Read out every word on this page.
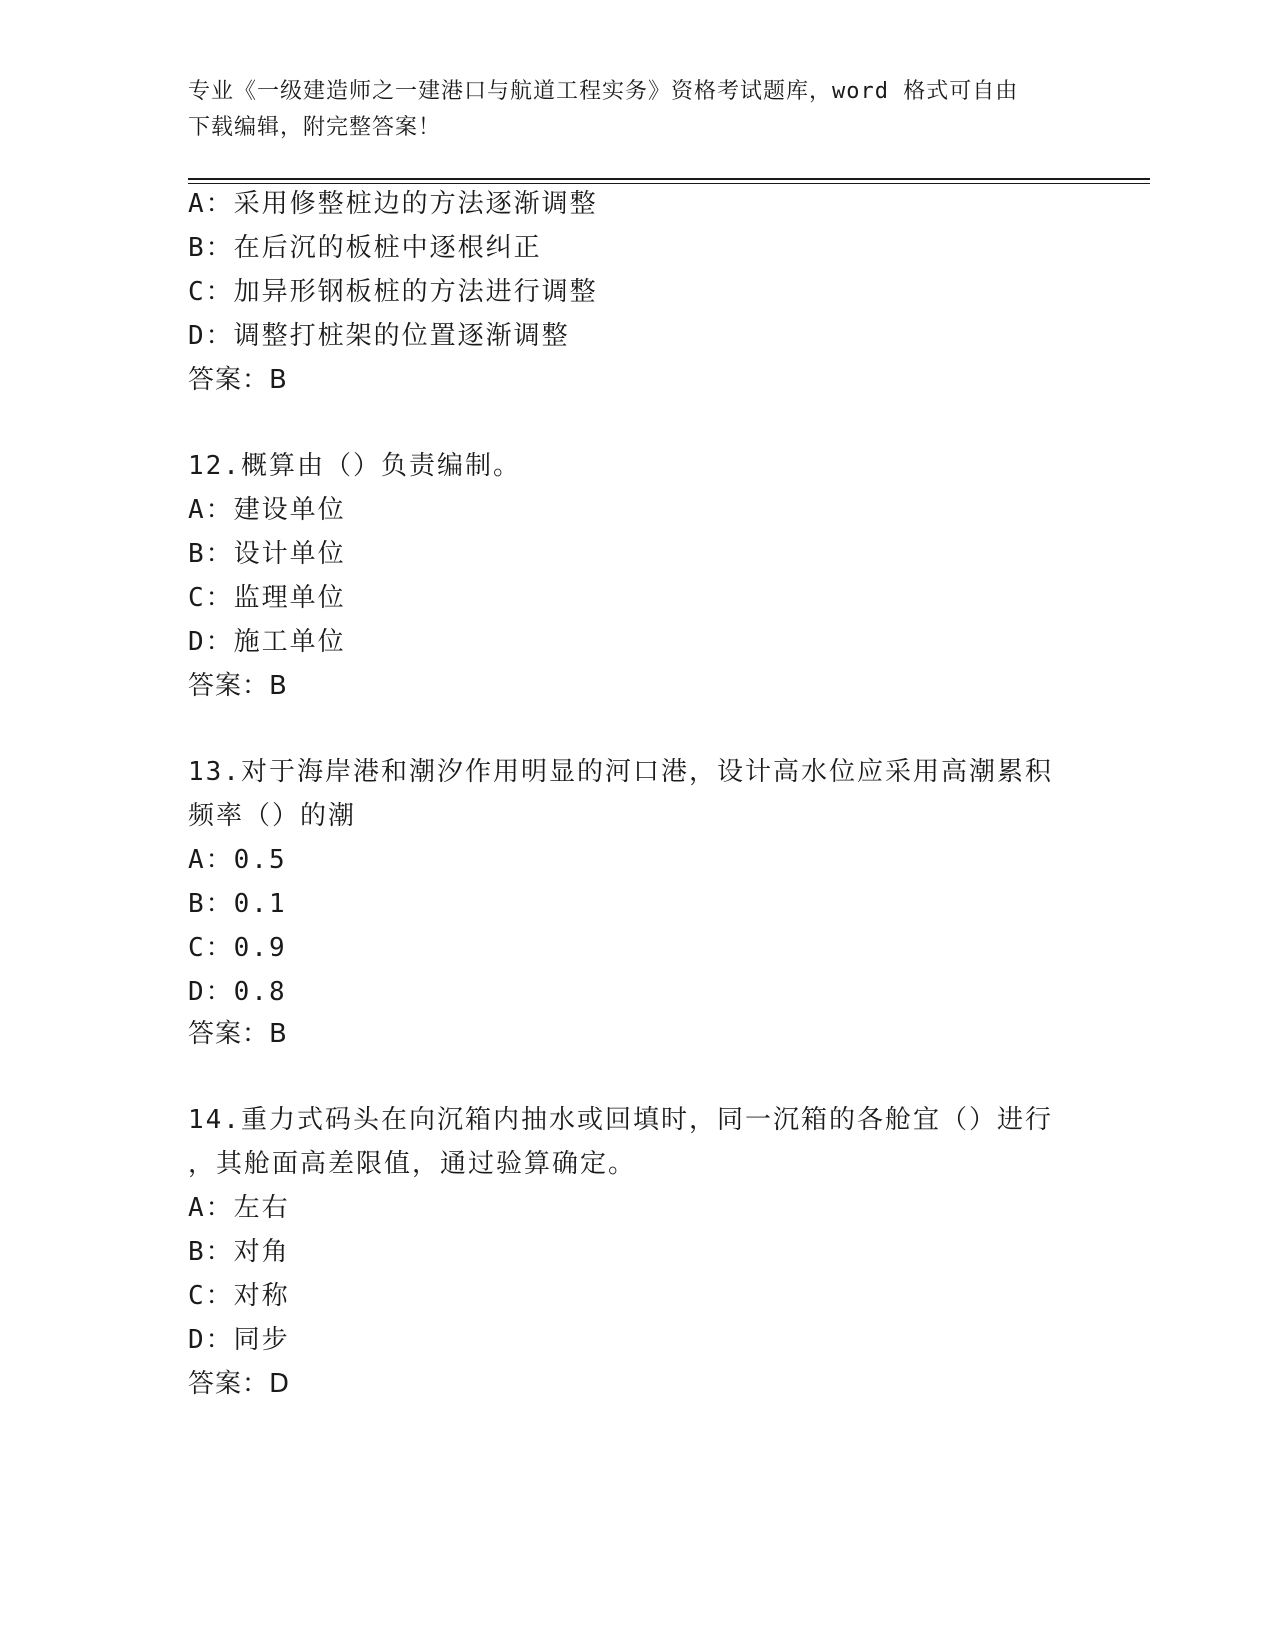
专业《一级建造师之一建港口与航道工程实务》资格考试题库，word 格式可自由
下载编辑，附完整答案！
A：采用修整桩边的方法逐渐调整
B：在后沉的板桩中逐根纠正
C：加异形钢板桩的方法进行调整
D：调整打桩架的位置逐渐调整
答案：B
12.概算由（）负责编制。
A：建设单位
B：设计单位
C：监理单位
D：施工单位
答案：B
13.对于海岸港和潮汐作用明显的河口港，设计高水位应采用高潮累积
频率（）的潮
A：0.5
B：0.1
C：0.9
D：0.8
答案：B
14.重力式码头在向沉箱内抽水或回填时，同一沉箱的各舱宜（）进行
，其舱面高差限值，通过验算确定。
A：左右
B：对角
C：对称
D：同步
答案：D
